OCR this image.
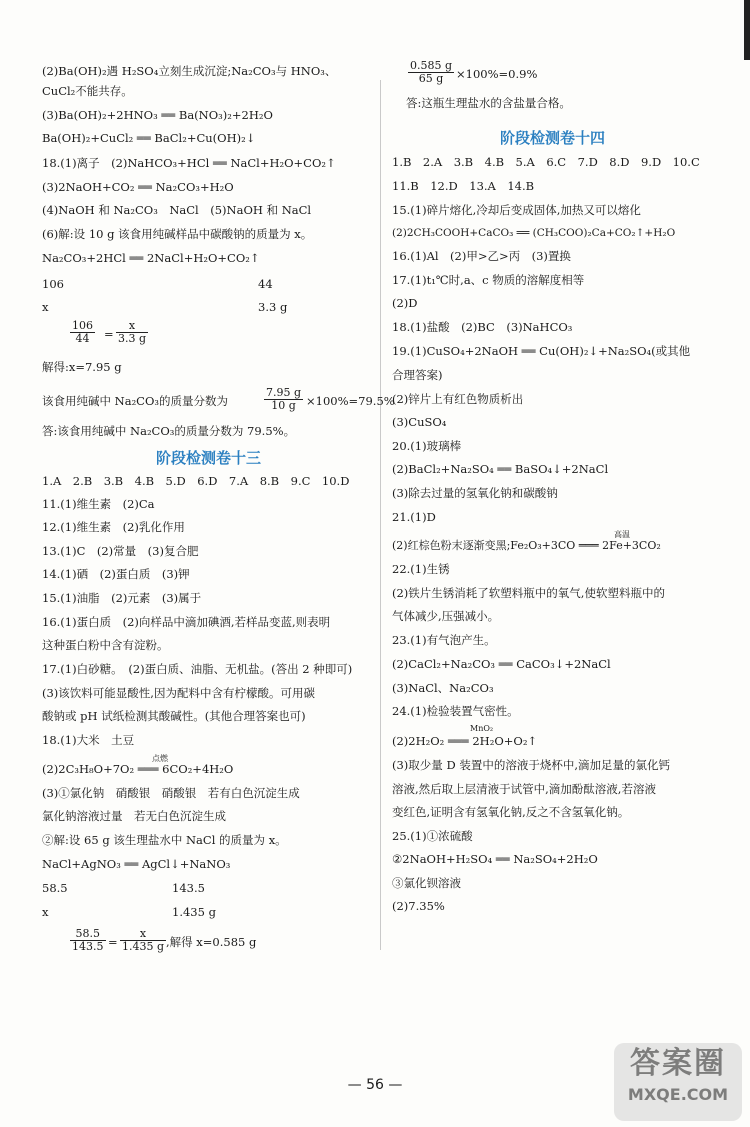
(2)Ba(OH)₂遇 H₂SO₄立刻生成沉淀;Na₂CO₃与 HNO₃、
CuCl₂不能共存。
(3)Ba(OH)₂+2HNO₃ ══ Ba(NO₃)₂+2H₂O
Ba(OH)₂+CuCl₂ ══ BaCl₂+Cu(OH)₂↓
18.(1)离子　(2)NaHCO₃+HCl ══ NaCl+H₂O+CO₂↑
(3)2NaOH+CO₂ ══ Na₂CO₃+H₂O
(4)NaOH 和 Na₂CO₃　NaCl　(5)NaOH 和 NaCl
(6)解:设 10 g 该食用纯碱样品中碳酸钠的质量为 x。
Na₂CO₃+2HCl ══ 2NaCl+H₂O+CO₂↑
106	44
x	3.3 g
$\frac{106}{44} = \frac{x}{3.3 g}$
解得:x=7.95 g
该食用纯碱中 Na₂CO₃的质量分数为	$\frac{7.95 g}{10 g} \times 100\%=79.5\%$
答:该食用纯碱中 Na₂CO₃的质量分数为 79.5%。
阶段检测卷十三
1.A　2.B　3.B　4.B　5.D　6.D　7.A　8.B　9.C　10.D
11.(1)维生素　(2)Ca
12.(1)维生素　(2)乳化作用
13.(1)C　(2)常量　(3)复合肥
14.(1)硒　(2)蛋白质　(3)钾
15.(1)油脂　(2)元素　(3)属于
16.(1)蛋白质　(2)向样品中滴加碘酒,若样品变蓝,则表明
这种蛋白粉中含有淀粉。
17.(1)白砂糖。　(2)蛋白质、油脂、无机盐。(答出 2 种即可)
(3)该饮料可能显酸性,因为配料中含有柠檬酸。可用碳
酸钠或 pH 试纸检测其酸碱性。(其他合理答案也可)
18.(1)大米　土豆
点燃
(2)2C₃H₈O+7O₂ ═══ 6CO₂+4H₂O
(3)①氯化钠　硝酸银　硝酸银　若有白色沉淀生成
氯化钠溶液过量　若无白色沉淀生成
②解:设 65 g 该生理盐水中 NaCl 的质量为 x。
NaCl+AgNO₃ ══ AgCl↓+NaNO₃
58.5	143.5
x	1.435 g
$\frac{58.5}{143.5} = \frac{x}{1.435 g}$ ,解得 x=0.585 g
$\frac{0.585 g}{65 g} \times 100\%=0.9\%$
答:这瓶生理盐水的含盐量合格。
阶段检测卷十四
1.B　2.A　3.B　4.B　5.A　6.C　7.D　8.D　9.D　10.C
11.B　12.D　13.A　14.B
15.(1)碎片熔化,冷却后变成固体,加热又可以熔化
(2)2CH₃COOH+CaCO₃ ══ (CH₃COO)₂Ca+CO₂↑+H₂O
16.(1)Al　(2)甲>乙>丙　(3)置换
17.(1)t₁℃时,a、c 物质的溶解度相等
(2)D
18.(1)盐酸　(2)BC　(3)NaHCO₃
19.(1)CuSO₄+2NaOH ══ Cu(OH)₂↓+Na₂SO₄(或其他
合理答案)
(2)锌片上有红色物质析出
(3)CuSO₄
20.(1)玻璃棒
(2)BaCl₂+Na₂SO₄ ══ BaSO₄↓+2NaCl
(3)除去过量的氢氧化钠和碳酸钠
21.(1)D
高温
(2)红棕色粉末逐渐变黑;Fe₂O₃+3CO ═══ 2Fe+3CO₂
22.(1)生锈
(2)铁片生锈消耗了软塑料瓶中的氧气,使软塑料瓶中的
气体减少,压强减小。
23.(1)有气泡产生。
(2)CaCl₂+Na₂CO₃ ══ CaCO₃↓+2NaCl
(3)NaCl、Na₂CO₃
24.(1)检验装置气密性。
MnO₂
(2)2H₂O₂ ═══ 2H₂O+O₂↑
(3)取少量 D 装置中的溶液于烧杯中,滴加足量的氯化钙
溶液,然后取上层清液于试管中,滴加酚酞溶液,若溶液
变红色,证明含有氢氧化钠,反之不含氢氧化钠。
25.(1)①浓硫酸
②2NaOH+H₂SO₄ ══ Na₂SO₄+2H₂O
③氯化钡溶液
(2)7.35%
— 56 —
答案圈
MXQE.COM
